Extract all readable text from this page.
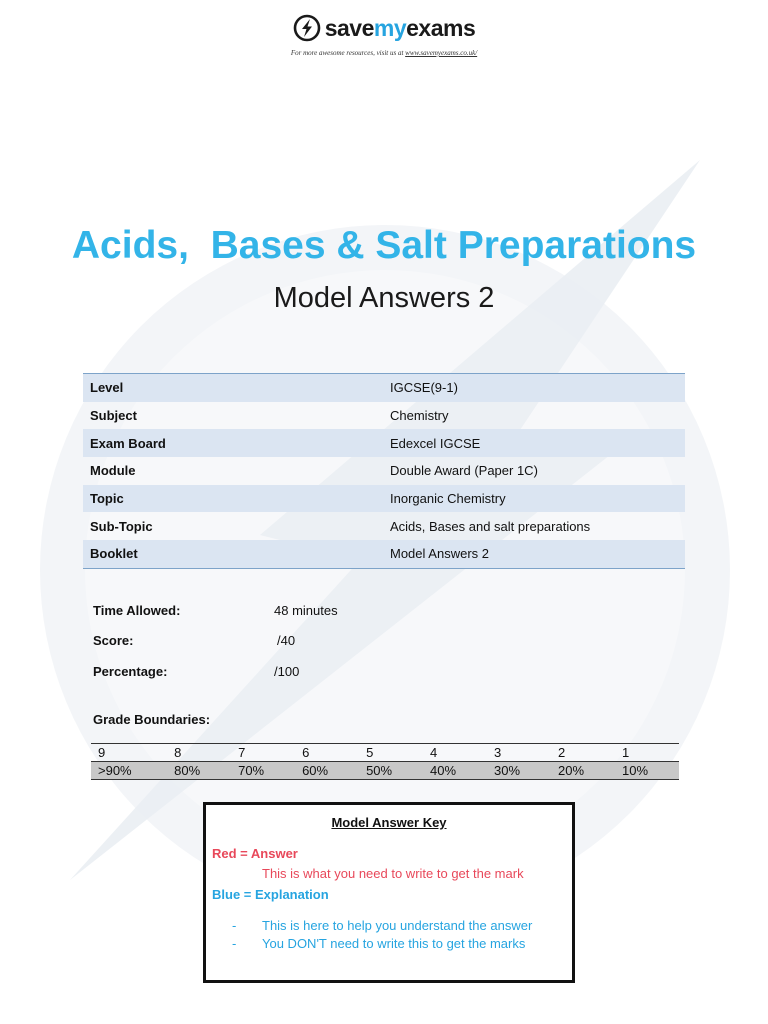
savemyexams
For more awesome resources, visit us at www.savemyexams.co.uk/
Acids,  Bases & Salt Preparations
Model Answers 2
Level	IGCSE(9-1)
Subject	Chemistry
Exam Board	Edexcel IGCSE
Module	Double Award (Paper 1C)
Topic	Inorganic Chemistry
Sub-Topic	Acids, Bases and salt preparations
Booklet	Model Answers 2
Time Allowed:	48 minutes
Score:	/40
Percentage:	/100
Grade Boundaries:
9	8	7	6	5	4	3	2	1
>90%	80%	70%	60%	50%	40%	30%	20%	10%
Model Answer Key
Red = Answer
This is what you need to write to get the mark
Blue = Explanation
- This is here to help you understand the answer
- You DON'T need to write this to get the marks
